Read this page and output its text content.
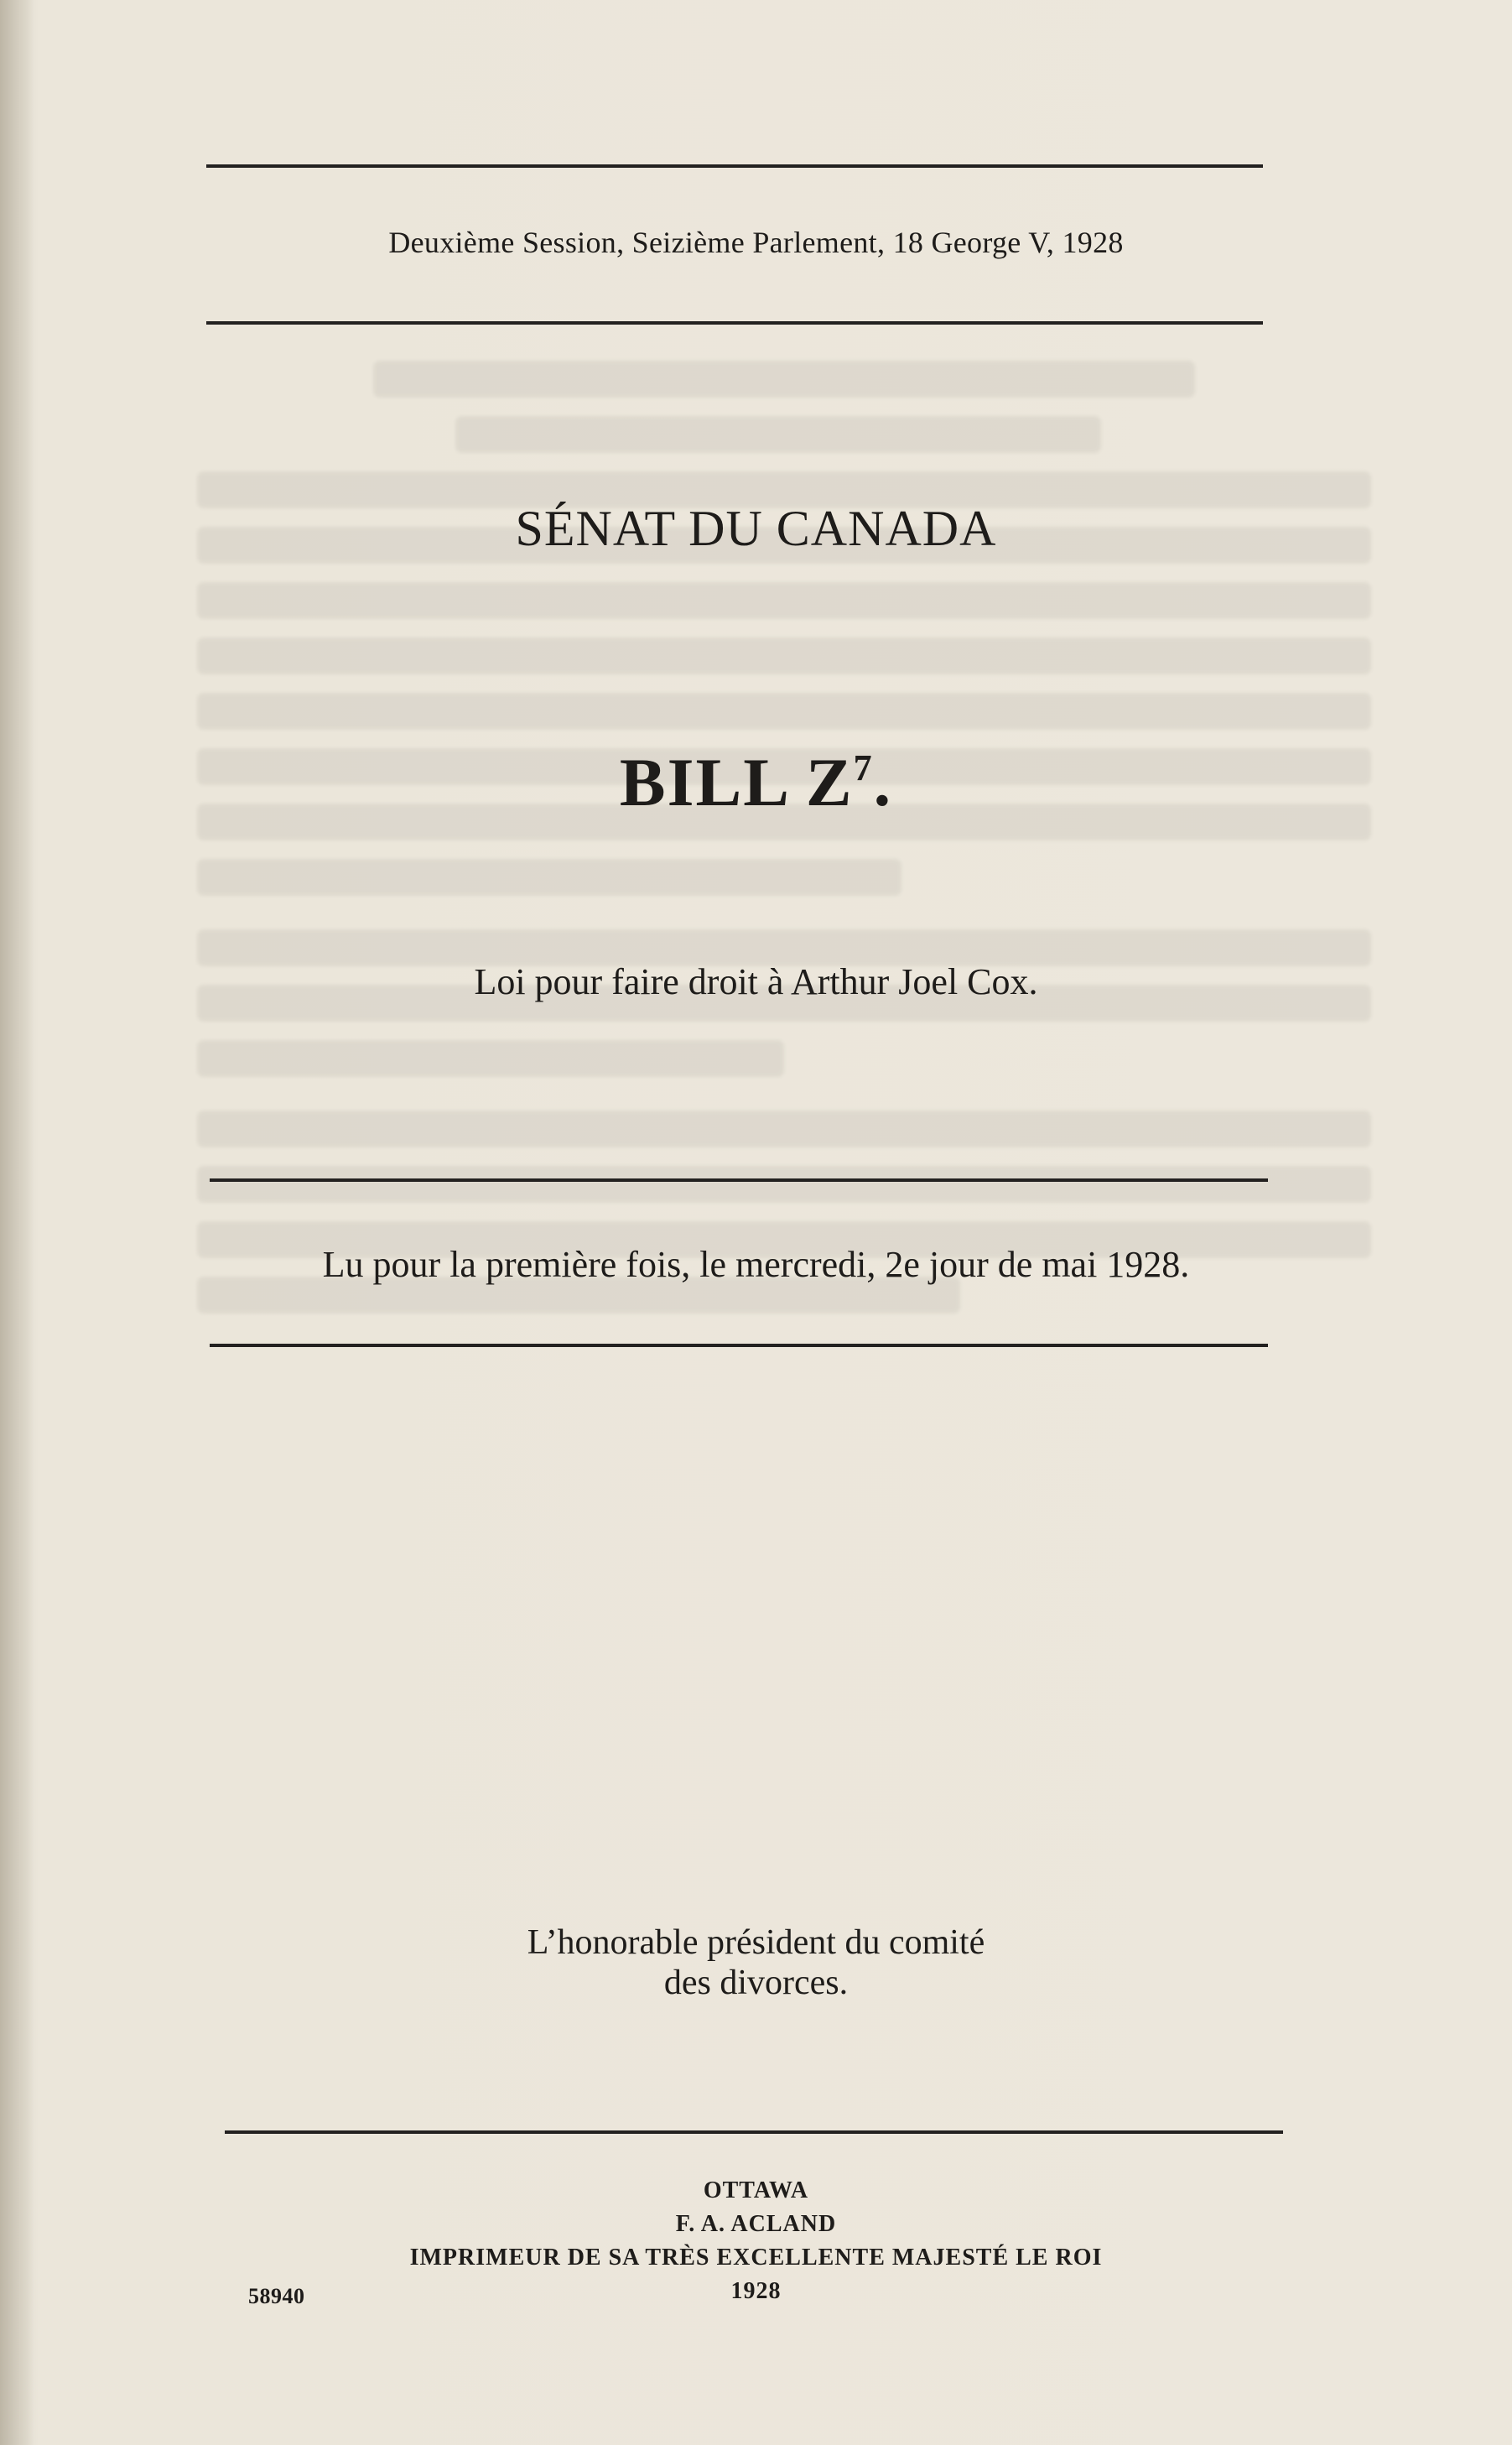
Deuxième Session, Seizième Parlement, 18 George V, 1928

SÉNAT DU CANADA
BILL $Z^7$.

Loi pour faire droit à Arthur Joel Cox.

Lu pour la première fois, le mercredi, 2e jour de mai 1928.

L’honorable président du comité
des divorces.
OTTAWA
F. A. ACLAND
IMPRIMEUR DE SA TRÈS EXCELLENTE MAJESTÉ LE ROI
1928
58940
